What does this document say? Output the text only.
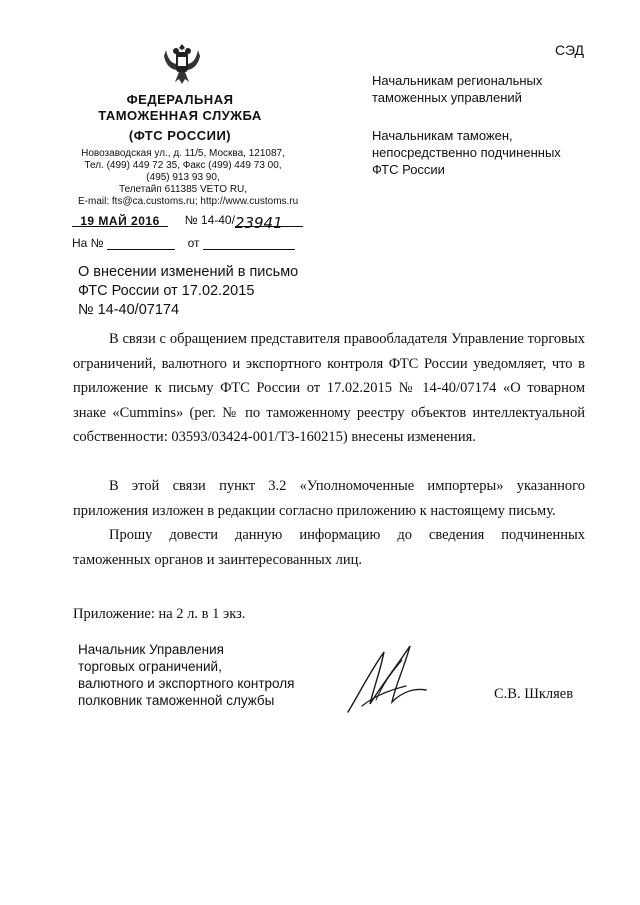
СЭД
ФЕДЕРАЛЬНАЯ
ТАМОЖЕННАЯ СЛУЖБА
(ФТС РОССИИ)
Новозаводская ул., д. 11/5, Москва, 121087,
Тел. (499) 449 72 35, Факс (499) 449 73 00,
(495) 913 93 90,
Телетайп 611385 VETO RU,
E-mail: fts@ca.customs.ru; http://www.customs.ru
19 МАЙ 2016 № 14-40/23941
На №	от
Начальникам региональных
таможенных управлений
Начальникам таможен,
непосредственно подчиненных
ФТС России
О внесении изменений в письмо
ФТС России от 17.02.2015
№ 14-40/07174

В связи с обращением представителя правообладателя Управление торговых ограничений, валютного и экспортного контроля ФТС России уведомляет, что в приложение к письму ФТС России от 17.02.2015 № 14-40/07174 «О товарном знаке «Cummins» (рег. № по таможенному реестру объектов интеллектуальной собственности: 03593/03424-001/ТЗ-160215) внесены изменения.

В этой связи пункт 3.2 «Уполномоченные импортеры» указанного приложения изложен в редакции согласно приложению к настоящему письму.

Прошу довести данную информацию до сведения подчиненных таможенных органов и заинтересованных лиц.

Приложение: на 2 л. в 1 экз.
Начальник Управления
торговых ограничений,
валютного и экспортного контроля
полковник таможенной службы	С.В. Шкляев
